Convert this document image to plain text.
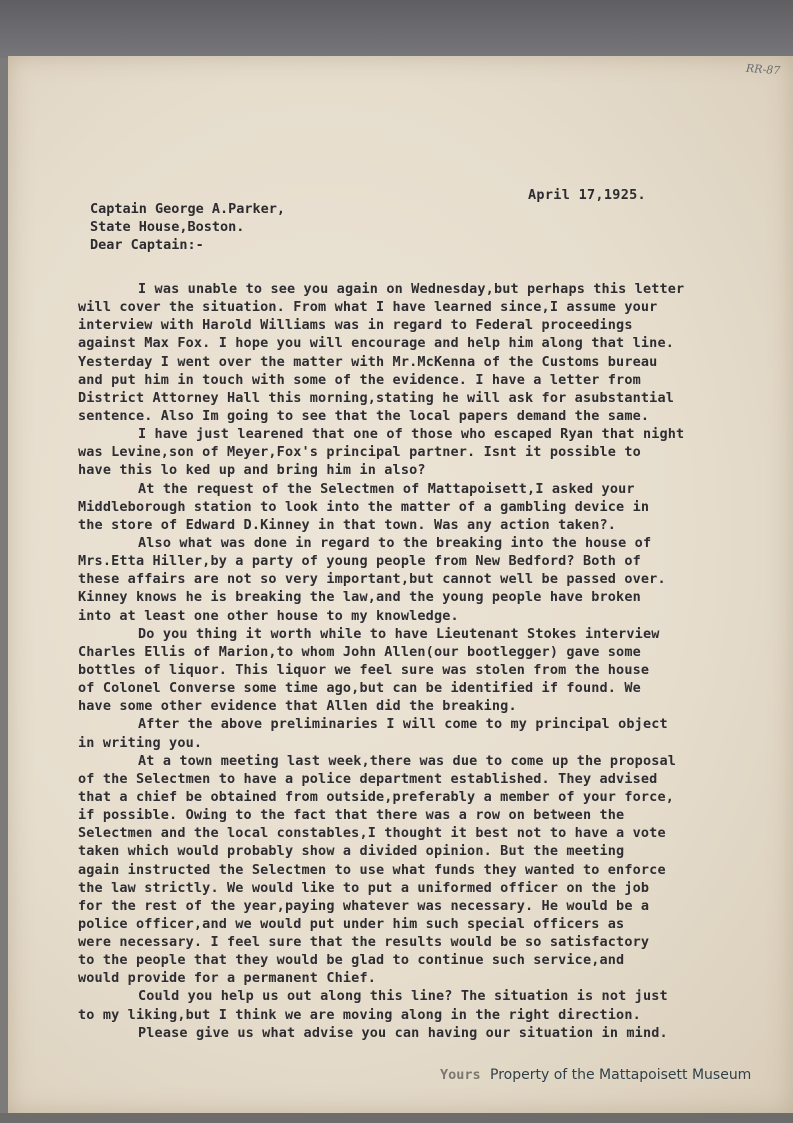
RR-87
April 17,1925.
Captain George A.Parker,
State House,Boston.
Dear Captain:-
I was unable to see you again on Wednesday,but perhaps this letter
will cover the situation. From what I have learned since,I assume your
interview with Harold Williams was in regard to Federal proceedings
against Max Fox. I hope you will encourage and help him along that line.
Yesterday I went over the matter with Mr.McKenna of the Customs bureau
and put him in touch with some of the evidence. I have a letter from
District Attorney Hall this morning,stating he will ask for asubstantial
sentence. Also Im going to see that the local papers demand the same.
I have just learened that one of those who escaped Ryan that night
was Levine,son of Meyer,Fox's principal partner. Isnt it possible to
have this lo ked up and bring him in also?
At the request of the Selectmen of Mattapoisett,I asked your
Middleborough station to look into the matter of a gambling device in
the store of Edward D.Kinney in that town. Was any action taken?.
Also what was done in regard to the breaking into the house of
Mrs.Etta Hiller,by a party of young people from New Bedford? Both of
these affairs are not so very important,but cannot well be passed over.
Kinney knows he is breaking the law,and the young people have broken
into at least one other house to my knowledge.
Do you thing it worth while to have Lieutenant Stokes interview
Charles Ellis of Marion,to whom John Allen(our bootlegger) gave some
bottles of liquor. This liquor we feel sure was stolen from the house
of Colonel Converse some time ago,but can be identified if found. We
have some other evidence that Allen did the breaking.
After the above preliminaries I will come to my principal object
in writing you.
At a town meeting last week,there was due to come up the proposal
of the Selectmen to have a police department established. They advised
that a chief be obtained from outside,preferably a member of your force,
if possible. Owing to the fact that there was a row on between the
Selectmen and the local constables,I thought it best not to have a vote
taken which would probably show a divided opinion. But the meeting
again instructed the Selectmen to use what funds they wanted to enforce
the law strictly. We would like to put a uniformed officer on the job
for the rest of the year,paying whatever was necessary. He would be a
police officer,and we would put under him such special officers as
were necessary. I feel sure that the results would be so satisfactory
to the people that they would be glad to continue such service,and
would provide for a permanent Chief.
Could you help us out along this line? The situation is not just
to my liking,but I think we are moving along in the right direction.
Please give us what advise you can having our situation in mind.
Yours Property of the Mattapoisett Museum
